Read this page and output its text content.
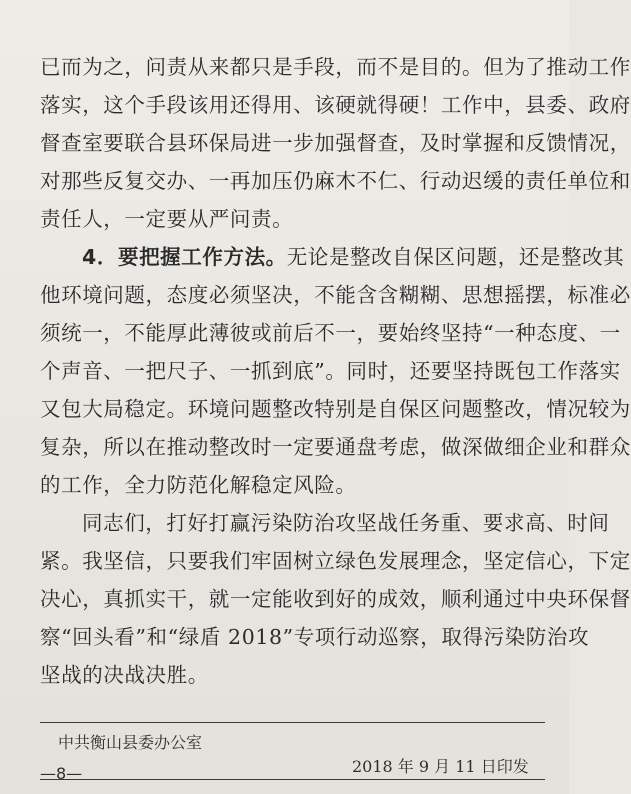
已而为之，问责从来都只是手段，而不是目的。但为了推动工作
落实，这个手段该用还得用、该硬就得硬！工作中，县委、政府
督查室要联合县环保局进一步加强督查，及时掌握和反馈情况，
对那些反复交办、一再加压仍麻木不仁、行动迟缓的责任单位和
责任人，一定要从严问责。
4．要把握工作方法。无论是整改自保区问题，还是整改其
他环境问题，态度必须坚决，不能含含糊糊、思想摇摆，标准必
须统一，不能厚此薄彼或前后不一，要始终坚持“一种态度、一
个声音、一把尺子、一抓到底”。同时，还要坚持既包工作落实
又包大局稳定。环境问题整改特别是自保区问题整改，情况较为
复杂，所以在推动整改时一定要通盘考虑，做深做细企业和群众
的工作，全力防范化解稳定风险。
同志们，打好打赢污染防治攻坚战任务重、要求高、时间
紧。我坚信，只要我们牢固树立绿色发展理念，坚定信心，下定
决心，真抓实干，就一定能收到好的成效，顺利通过中央环保督
察“回头看”和“绿盾 2018”专项行动巡察，取得污染防治攻
坚战的决战决胜。
中共衡山县委办公室
2018 年 9 月 11 日印发
—8—
